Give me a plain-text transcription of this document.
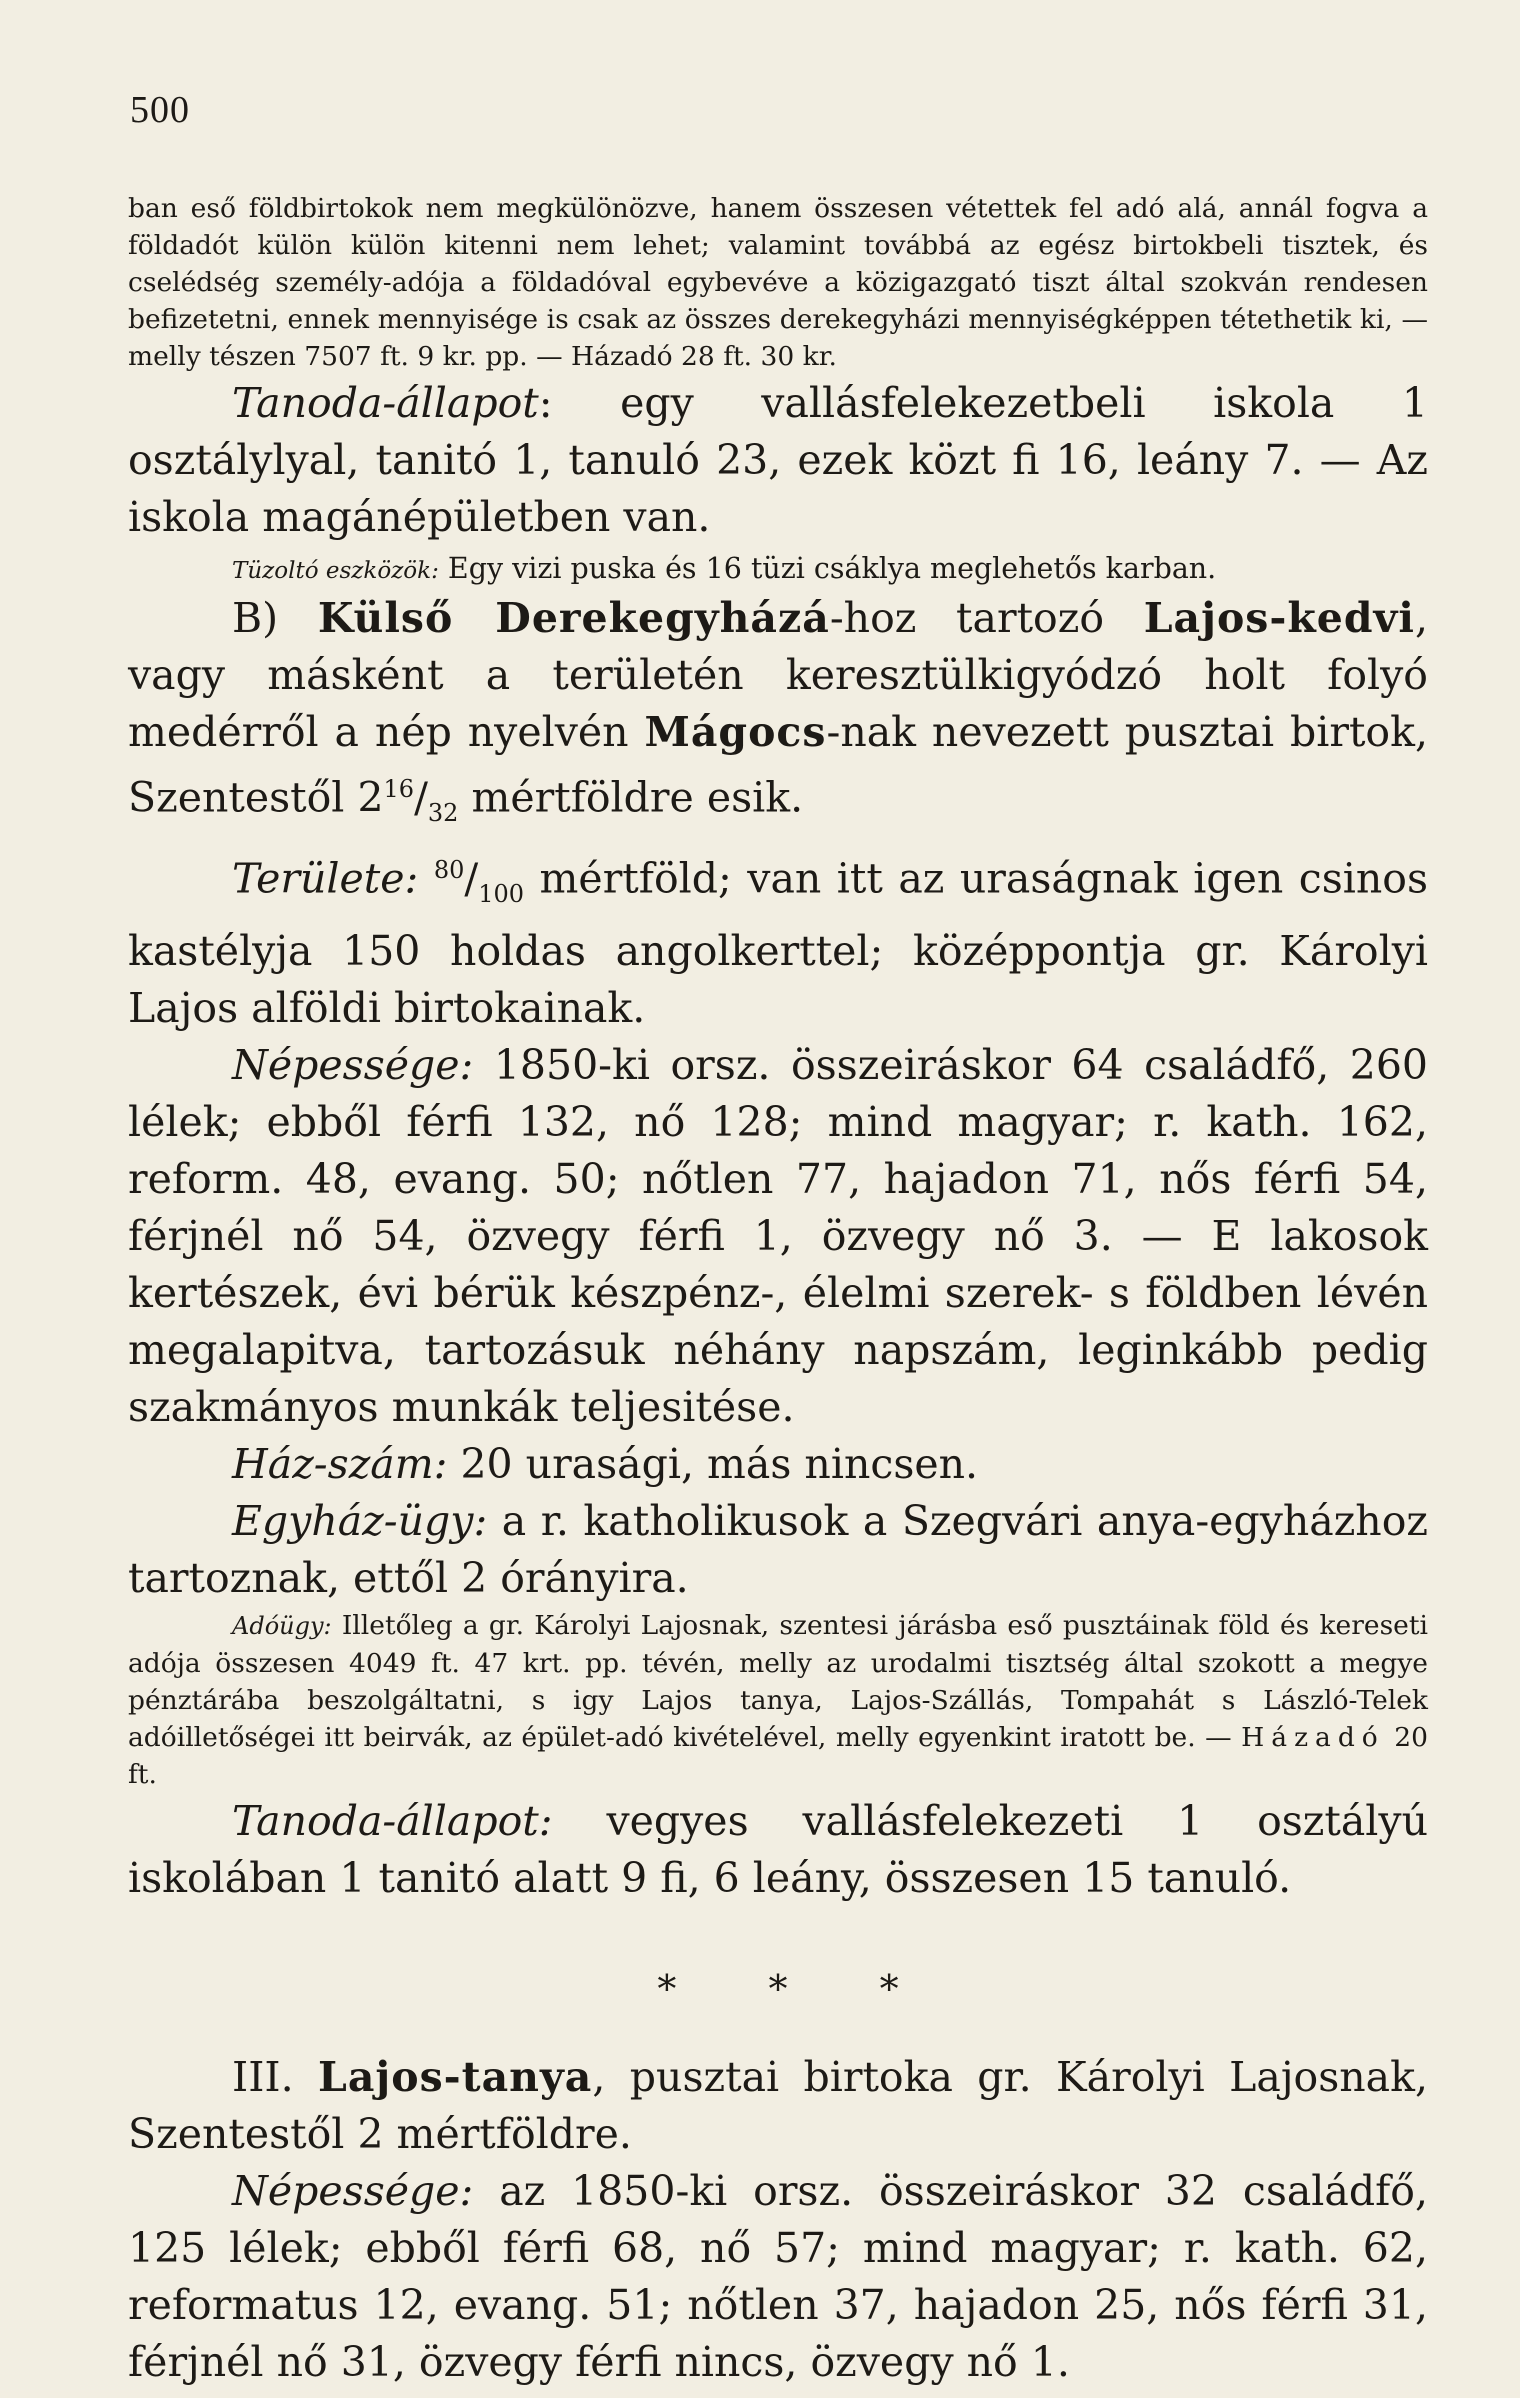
500

ban eső földbirtokok nem megkülönözve, hanem összesen vétettek fel adó alá, annál fogva a földadót külön külön kitenni nem lehet; valamint továbbá az egész birtokbeli tisztek, és cselédség személy-adója a földadóval egybevéve a közigazgató tiszt által szokván rendesen befizetetni, ennek mennyisége is csak az összes derekegyházi mennyiségképpen tétethetik ki, — melly tészen 7507 ft. 9 kr. pp. — Házadó 28 ft. 30 kr.

Tanoda-állapot: egy vallásfelekezetbeli iskola 1 osztálylyal, tanitó 1, tanuló 23, ezek közt fi 16, leány 7. — Az iskola magánépületben van.

Tüzoltó eszközök: Egy vizi puska és 16 tüzi csáklya meglehetős karban.

B) Külső Derekegyházá-hoz tartozó Lajos-kedvi, vagy másként a területén keresztülkigyódzó holt folyó medérről a nép nyelvén Mágocs-nak nevezett pusztai birtok, Szentestől $2^{16}/_{32}$ mértföldre esik.

Területe: $^{80}/_{100}$ mértföld; van itt az uraságnak igen csinos kastélyja 150 holdas angolkerttel; középpontja gr. Károlyi Lajos alföldi birtokainak.

Népessége: 1850-ki orsz. összeiráskor 64 családfő, 260 lélek; ebből férfi 132, nő 128; mind magyar; r. kath. 162, reform. 48, evang. 50; nőtlen 77, hajadon 71, nős férfi 54, férjnél nő 54, özvegy férfi 1, özvegy nő 3. — E lakosok kertészek, évi bérük készpénz-, élelmi szerek- s földben lévén megalapitva, tartozásuk néhány napszám, leginkább pedig szakmányos munkák teljesitése.

Ház-szám: 20 urasági, más nincsen.

Egyház-ügy: a r. katholikusok a Szegvári anya-egyházhoz tartoznak, ettől 2 órányira.

Adóügy: Illetőleg a gr. Károlyi Lajosnak, szentesi járásba eső pusztáinak föld és kereseti adója összesen 4049 ft. 47 krt. pp. tévén, melly az urodalmi tisztség által szokott a megye pénztárába beszolgáltatni, s igy Lajos tanya, Lajos-Szállás, Tompahát s László-Telek adóilletőségei itt beirvák, az épület-adó kivételével, melly egyenkint iratott be. — Házadó 20 ft.

Tanoda-állapot: vegyes vallásfelekezeti 1 osztályú iskolában 1 tanitó alatt 9 fi, 6 leány, összesen 15 tanuló.

* * *

III. Lajos-tanya, pusztai birtoka gr. Károlyi Lajosnak, Szentestől 2 mértföldre.

Népessége: az 1850-ki orsz. összeiráskor 32 családfő, 125 lélek; ebből férfi 68, nő 57; mind magyar; r. kath. 62, reformatus 12, evang. 51; nőtlen 37, hajadon 25, nős férfi 31, férjnél nő 31, özvegy férfi nincs, özvegy nő 1.
